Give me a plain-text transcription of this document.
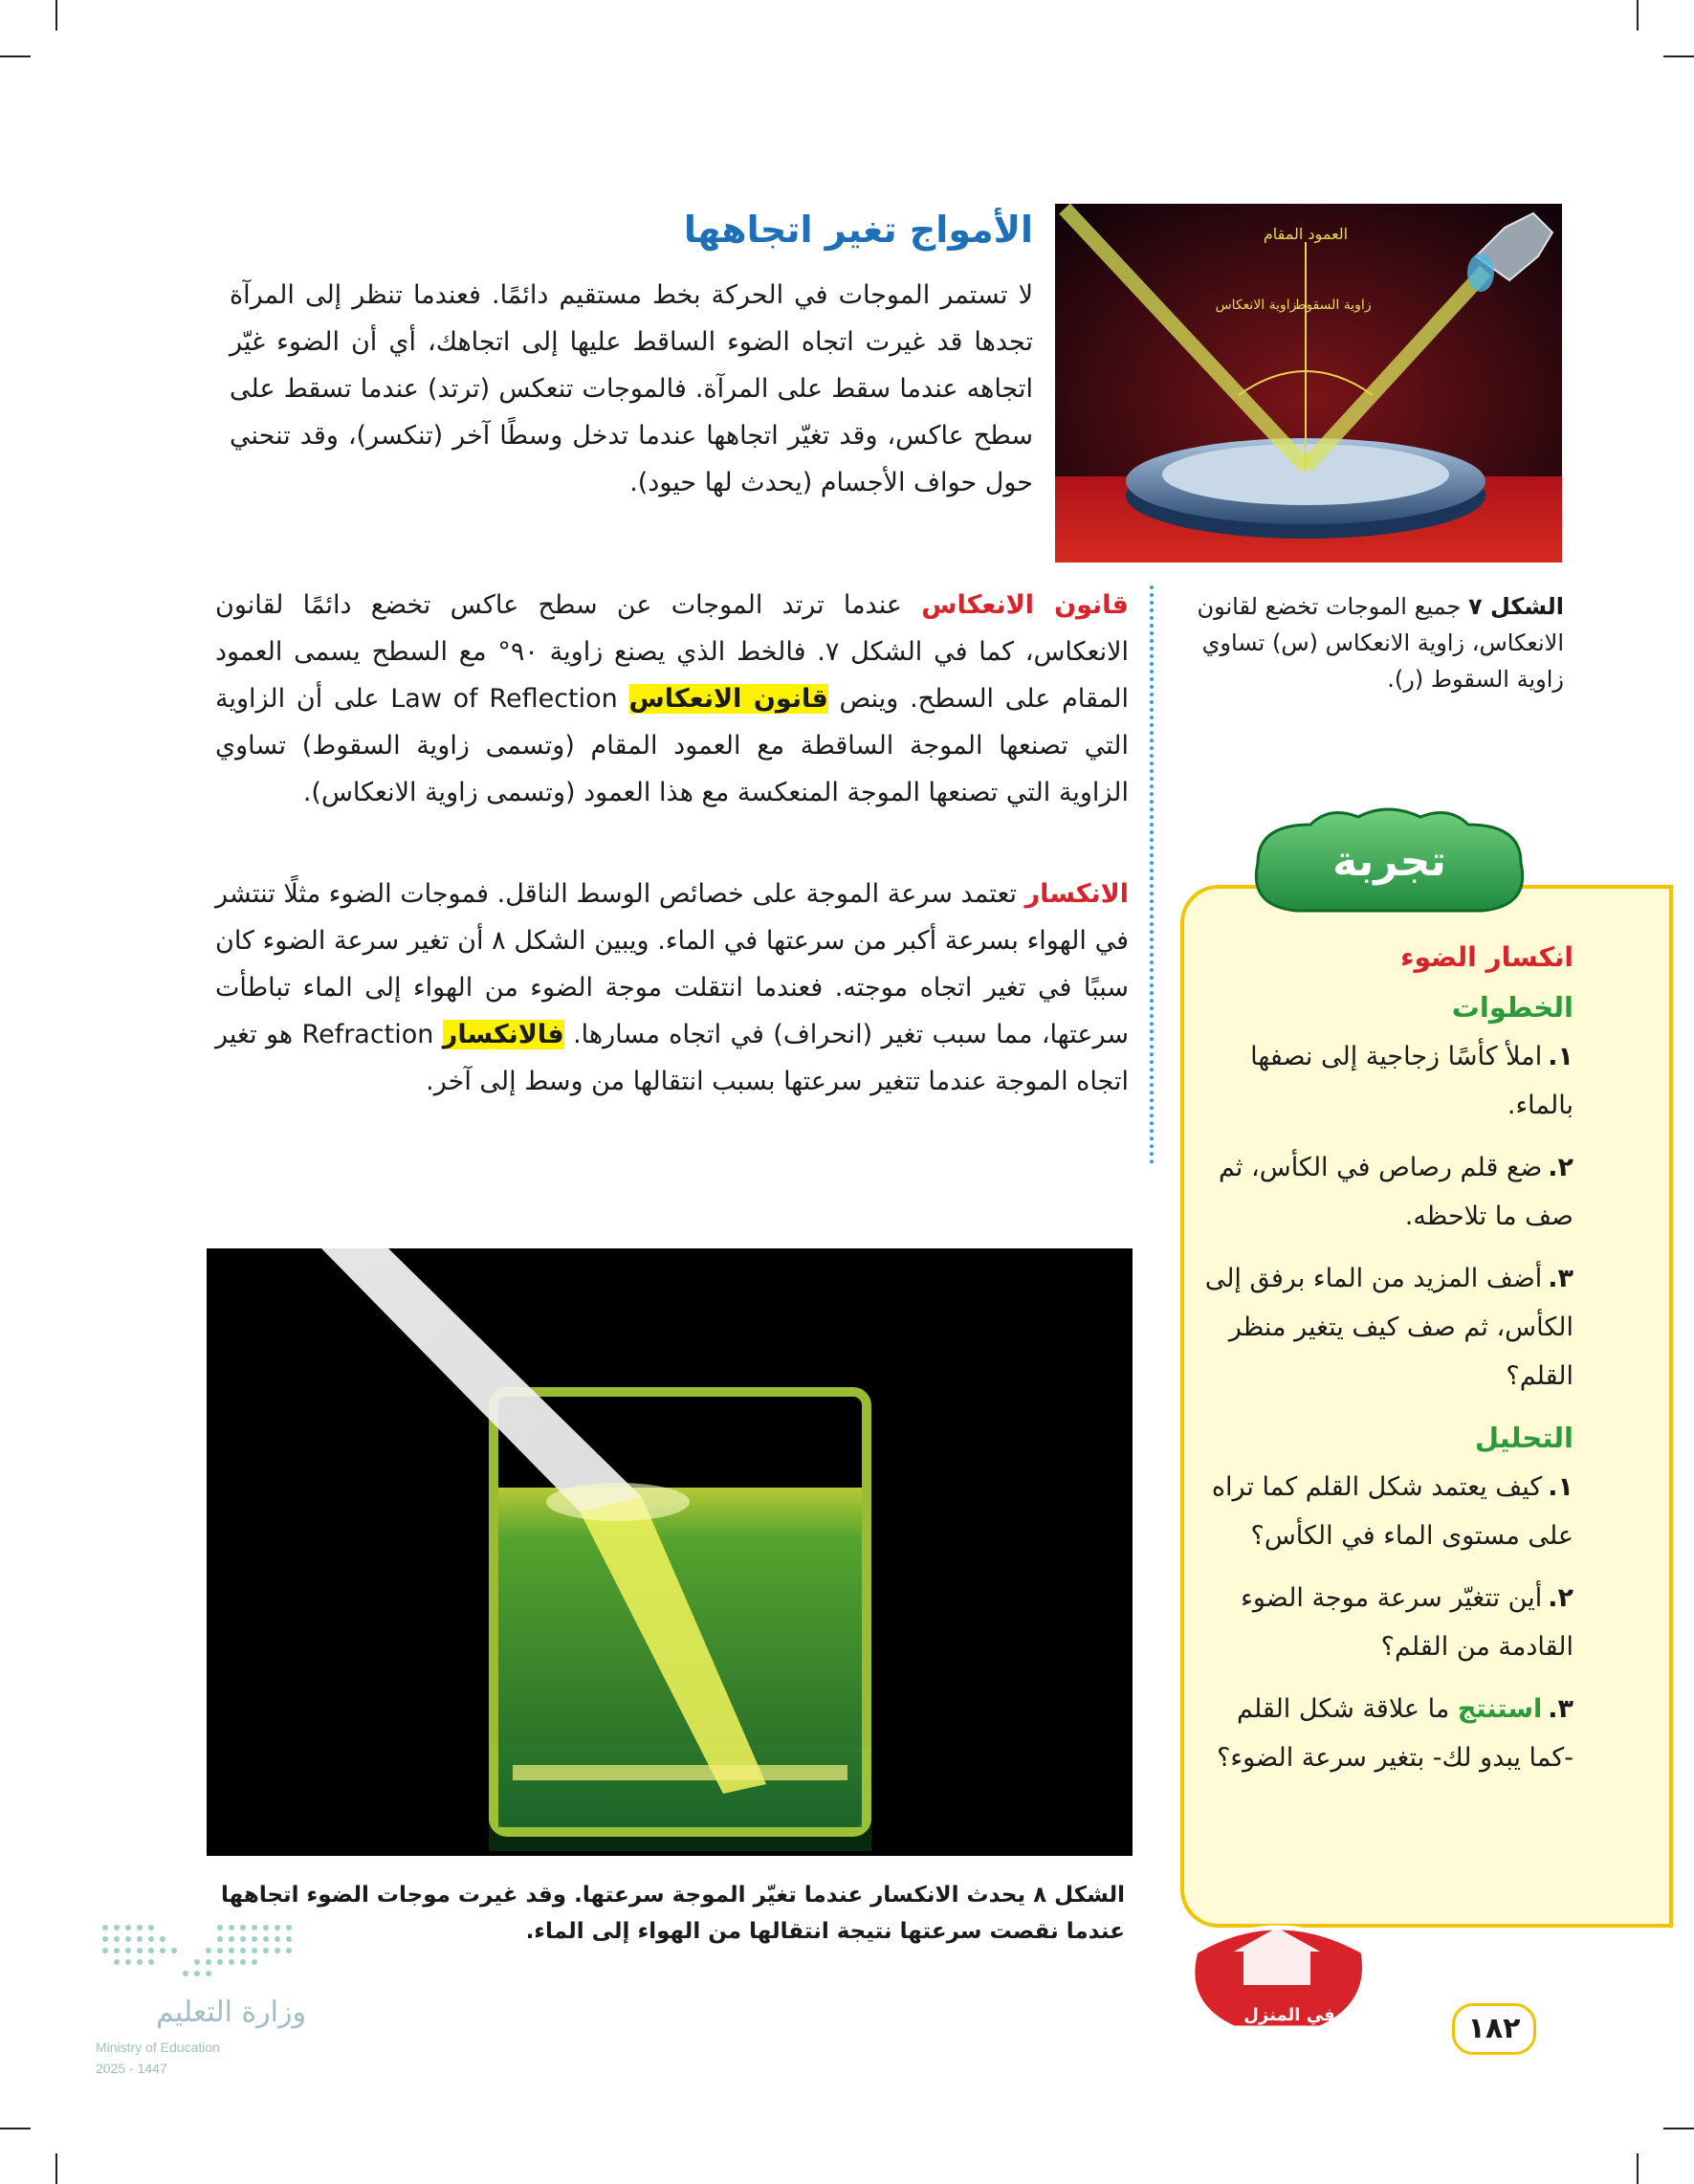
الأمواج تغير اتجاهها

لا تستمر الموجات في الحركة بخط مستقيم دائمًا. فعندما تنظر إلى المرآة تجدها قد غيرت اتجاه الضوء الساقط عليها إلى اتجاهك، أي أن الضوء غيّر اتجاهه عندما سقط على المرآة. فالموجات تنعكس (ترتد) عندما تسقط على سطح عاكس، وقد تغيّر اتجاهها عندما تدخل وسطًا آخر (تنكسر)، وقد تنحني حول حواف الأجسام (يحدث لها حيود).

العمود المقام
زاوية السقوط
زاوية الانعكاس

الشكل ٧ جميع الموجات تخضع لقانون الانعكاس، زاوية الانعكاس (س) تساوي زاوية السقوط (ر).

قانون الانعكاس عندما ترتد الموجات عن سطح عاكس تخضع دائمًا لقانون الانعكاس، كما في الشكل ٧. فالخط الذي يصنع زاوية ٩٠° مع السطح يسمى العمود المقام على السطح. وينص قانون الانعكاس Law of Reflection على أن الزاوية التي تصنعها الموجة الساقطة مع العمود المقام (وتسمى زاوية السقوط) تساوي الزاوية التي تصنعها الموجة المنعكسة مع هذا العمود (وتسمى زاوية الانعكاس).

الانكسار تعتمد سرعة الموجة على خصائص الوسط الناقل. فموجات الضوء مثلًا تنتشر في الهواء بسرعة أكبر من سرعتها في الماء. ويبين الشكل ٨ أن تغير سرعة الضوء كان سببًا في تغير اتجاه موجته. فعندما انتقلت موجة الضوء من الهواء إلى الماء تباطأت سرعتها، مما سبب تغير (انحراف) في اتجاه مسارها. فالانكسار Refraction هو تغير اتجاه الموجة عندما تتغير سرعتها بسبب انتقالها من وسط إلى آخر.

الشكل ٨ يحدث الانكسار عندما تغيّر الموجة سرعتها. وقد غيرت موجات الضوء اتجاهها عندما نقصت سرعتها نتيجة انتقالها من الهواء إلى الماء.

تجربة
انكسار الضوء
الخطوات
١.املأ كأسًا زجاجية إلى نصفها بالماء.
٢.ضع قلم رصاص في الكأس، ثم صف ما تلاحظه.
٣.أضف المزيد من الماء برفق إلى الكأس، ثم صف كيف يتغير منظر القلم؟
التحليل
١.كيف يعتمد شكل القلم كما تراه على مستوى الماء في الكأس؟
٢.أين تتغيّر سرعة موجة الضوء القادمة من القلم؟
٣.استنتج ما علاقة شكل القلم -كما يبدو لك- بتغير سرعة الضوء؟
في المنزل	١٨٢
وزارة التعليم
Ministry of Education
2025 - 1447
